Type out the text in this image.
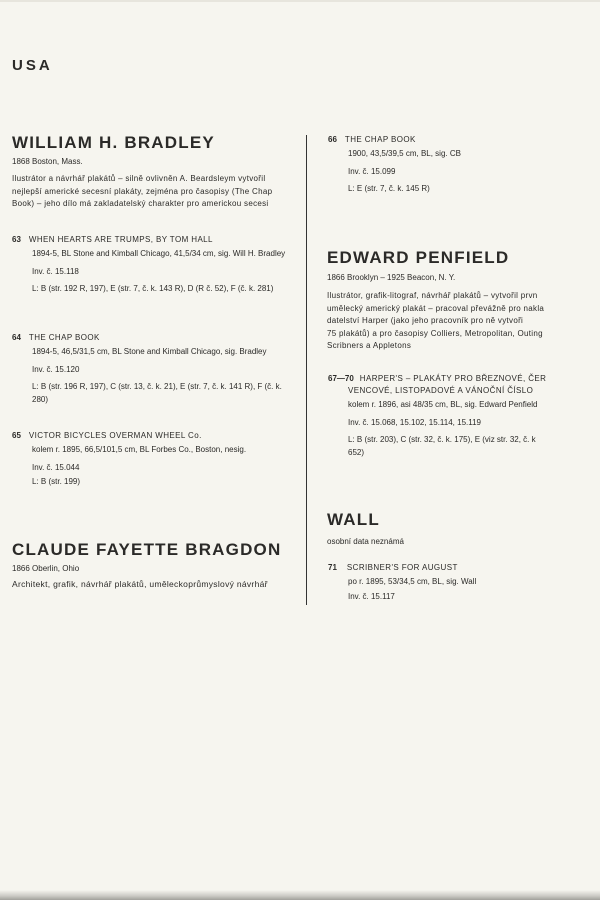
USA
WILLIAM H. BRADLEY
1868 Boston, Mass.
Ilustrátor a návrhář plakátů – silně ovlivněn A. Beardsleym vytvořil nejlepší americké secesní plakáty, zejména pro časopisy (The Chap Book) – jeho dílo má zakladatelský charakter pro americkou secesi
63 WHEN HEARTS ARE TRUMPS, BY TOM HALL
1894-5, BL Stone and Kimball Chicago, 41,5/34 cm, sig. Will H. Bradley
Inv. č. 15.118
L: B (str. 192 R, 197), E (str. 7, č. k. 143 R), D (R č. 52), F (č. k. 281)
64 THE CHAP BOOK
1894-5, 46,5/31,5 cm, BL Stone and Kimball Chicago, sig. Bradley
Inv. č. 15.120
L: B (str. 196 R, 197), C (str. 13, č. k. 21), E (str. 7, č. k. 141 R), F (č. k. 280)
65 VICTOR BICYCLES OVERMAN WHEEL Co.
kolem r. 1895, 66,5/101,5 cm, BL Forbes Co., Boston, nesig.
Inv. č. 15.044
L: B (str. 199)
CLAUDE FAYETTE BRAGDON
1866 Oberlin, Ohio
Architekt, grafik, návrhář plakátů, uměleckoprůmyslový návrhář
66 THE CHAP BOOK
1900, 43,5/39,5 cm, BL, sig. CB
Inv. č. 15.099
L: E (str. 7, č. k. 145 R)
EDWARD PENFIELD
1866 Brooklyn – 1925 Beacon, N. Y.
Ilustrátor, grafik-litograf, návrhář plakátů – vytvořil prvn
umělecký americký plakát – pracoval převážně pro nakla
datelství Harper (jako jeho pracovník pro ně vytvoři
75 plakátů) a pro časopisy Colliers, Metropolitan, Outing
Scribners a Appletons
67—70 HARPER'S – PLAKÁTY PRO BŘEZNOVÉ, ČER
VENCOVÉ, LISTOPADOVÉ A VÁNOČNÍ ČÍSLO
kolem r. 1896, asi 48/35 cm, BL, sig. Edward Penfield
Inv. č. 15.068, 15.102, 15.114, 15.119
L: B (str. 203), C (str. 32, č. k. 175), E (viz str. 32, č. k
652)
WALL
osobní data neznámá
71 SCRIBNER'S FOR AUGUST
po r. 1895, 53/34,5 cm, BL, sig. Wall
Inv. č. 15.117
